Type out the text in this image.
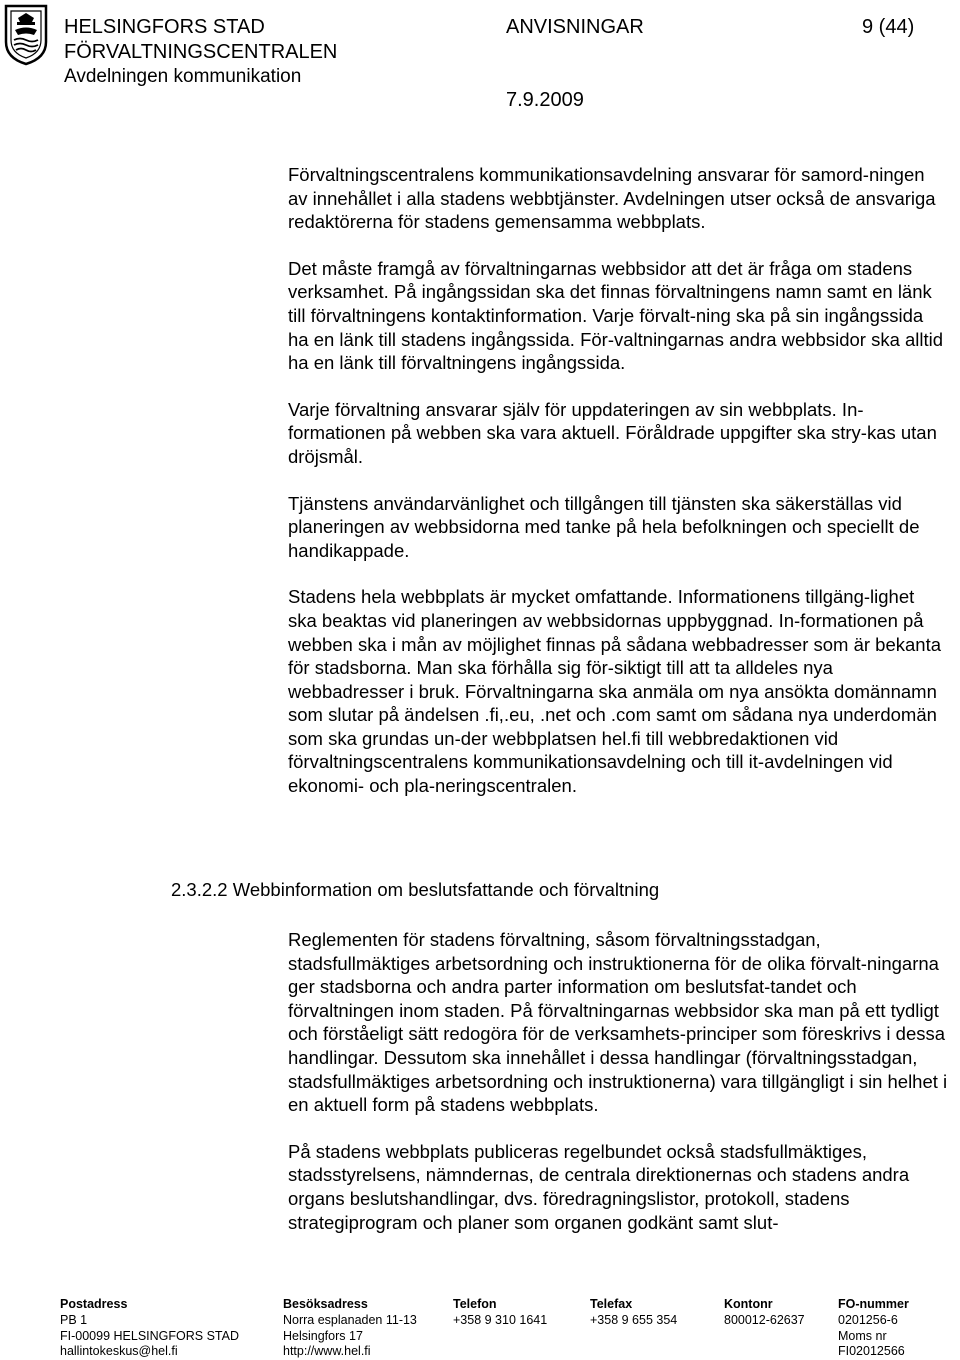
HELSINGFORS STAD
FÖRVALTNINGSCENTRALEN
Avdelningen kommunikation
ANVISNINGAR
7.9.2009
9 (44)

Förvaltningscentralens kommunikationsavdelning ansvarar för samord-ningen av innehållet i alla stadens webbtjänster. Avdelningen utser också de ansvariga redaktörerna för stadens gemensamma webbplats.

Det måste framgå av förvaltningarnas webbsidor att det är fråga om stadens verksamhet. På ingångssidan ska det finnas förvaltningens namn samt en länk till förvaltningens kontaktinformation. Varje förvalt-ning ska på sin ingångssida ha en länk till stadens ingångssida. För-valtningarnas andra webbsidor ska alltid ha en länk till förvaltningens ingångssida.

Varje förvaltning ansvarar själv för uppdateringen av sin webbplats. In-formationen på webben ska vara aktuell. Föråldrade uppgifter ska stry-kas utan dröjsmål.

Tjänstens användarvänlighet och tillgången till tjänsten ska säkerställas vid planeringen av webbsidorna med tanke på hela befolkningen och speciellt de handikappade.

Stadens hela webbplats är mycket omfattande. Informationens tillgäng-lighet ska beaktas vid planeringen av webbsidornas uppbyggnad. In-formationen på webben ska i mån av möjlighet finnas på sådana webbadresser som är bekanta för stadsborna. Man ska förhålla sig för-siktigt till att ta alldeles nya webbadresser i bruk. Förvaltningarna ska anmäla om nya ansökta domännamn som slutar på ändelsen .fi,.eu, .net och .com samt om sådana nya underdomän som ska grundas un-der webbplatsen hel.fi till webbredaktionen vid förvaltningscentralens kommunikationsavdelning och till it-avdelningen vid ekonomi- och pla-neringscentralen.

2.3.2.2 Webbinformation om beslutsfattande och förvaltning

Reglementen för stadens förvaltning, såsom förvaltningsstadgan, stadsfullmäktiges arbetsordning och instruktionerna för de olika förvalt-ningarna ger stadsborna och andra parter information om beslutsfat-tandet och förvaltningen inom staden. På förvaltningarnas webbsidor ska man på ett tydligt och förståeligt sätt redogöra för de verksamhets-principer som föreskrivs i dessa handlingar. Dessutom ska innehållet i dessa handlingar (förvaltningsstadgan, stadsfullmäktiges arbetsordning och instruktionerna) vara tillgängligt i sin helhet i en aktuell form på stadens webbplats.

På stadens webbplats publiceras regelbundet också stadsfullmäktiges, stadsstyrelsens, nämndernas, de centrala direktionernas och stadens andra organs beslutshandlingar, dvs. föredragningslistor, protokoll, stadens strategiprogram och planer som organen godkänt samt slut-

Postadress
PB 1
FI-00099 HELSINGFORS STAD
hallintokeskus@hel.fi
Besöksadress
Norra esplanaden 11-13
Helsingfors 17
http://www.hel.fi
Telefon
+358 9 310 1641
Telefax
+358 9 655 354
Kontonr
800012-62637
FO-nummer
0201256-6
Moms nr
FI02012566
